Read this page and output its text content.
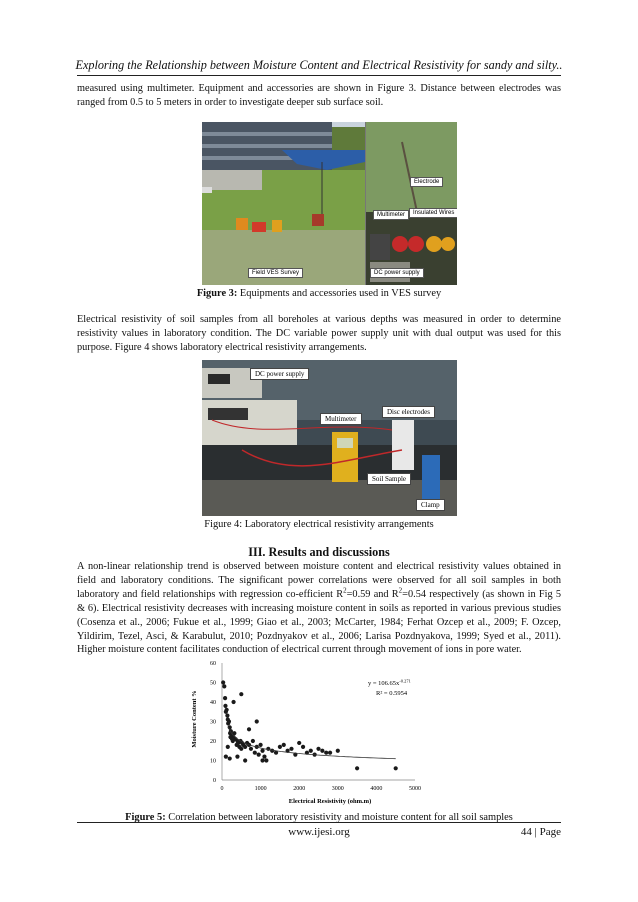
Exploring the Relationship between Moisture Content and Electrical Resistivity for sandy and silty..
measured using multimeter. Equipment and accessories are shown in Figure 3. Distance between electrodes was ranged from 0.5 to 5 meters in order to investigate deeper sub surface soil.
Electrode
Multimeter	Insulated Wires
Field VES Survey	DC power supply
Figure 3: Equipments and accessories used in VES survey
Electrical resistivity of soil samples from all boreholes at various depths was measured in order to determine resistivity values in laboratory condition. The DC variable power supply unit with dual output was used for this purpose. Figure 4 shows laboratory electrical resistivity arrangements.
DC power supply
Multimeter
Disc electrodes
Soil Sample
Clamp
Figure 4: Laboratory electrical resistivity arrangements
III. Results and discussions
A non-linear relationship trend is observed between moisture content and electrical resistivity values obtained in field and laboratory conditions. The significant power correlations were observed for all soil samples in both laboratory and field relationships with regression co-efficient $R^2=0.59$ and $R^2=0.54$ respectively (as shown in Fig 5 & 6). Electrical resistivity decreases with increasing moisture content in soils as reported in various previous studies (Cosenza et al., 2006; Fukue et al., 1999; Giao et al., 2003; McCarter, 1984; Ferhat Ozcep et al., 2009; F. Ozcep, Yildirim, Tezel, Asci, & Karabulut, 2010; Pozdnyakov et al., 2006; Larisa Pozdnyakova, 1999; Syed et al., 2011). Higher moisture content facilitates conduction of electrical current through movement of ions in pore water.
0	1000	2000	3000	4000	5000
0
10
20
30
40
50
60
$y = 106.65x^{-0.271}$
R² = 0.5954
Electrical Resistivity (ohm.m)
Moisture Content %
Figure 5: Correlation between laboratory resistivity and moisture content for all soil samples
www.ijesi.org	44 | Page
